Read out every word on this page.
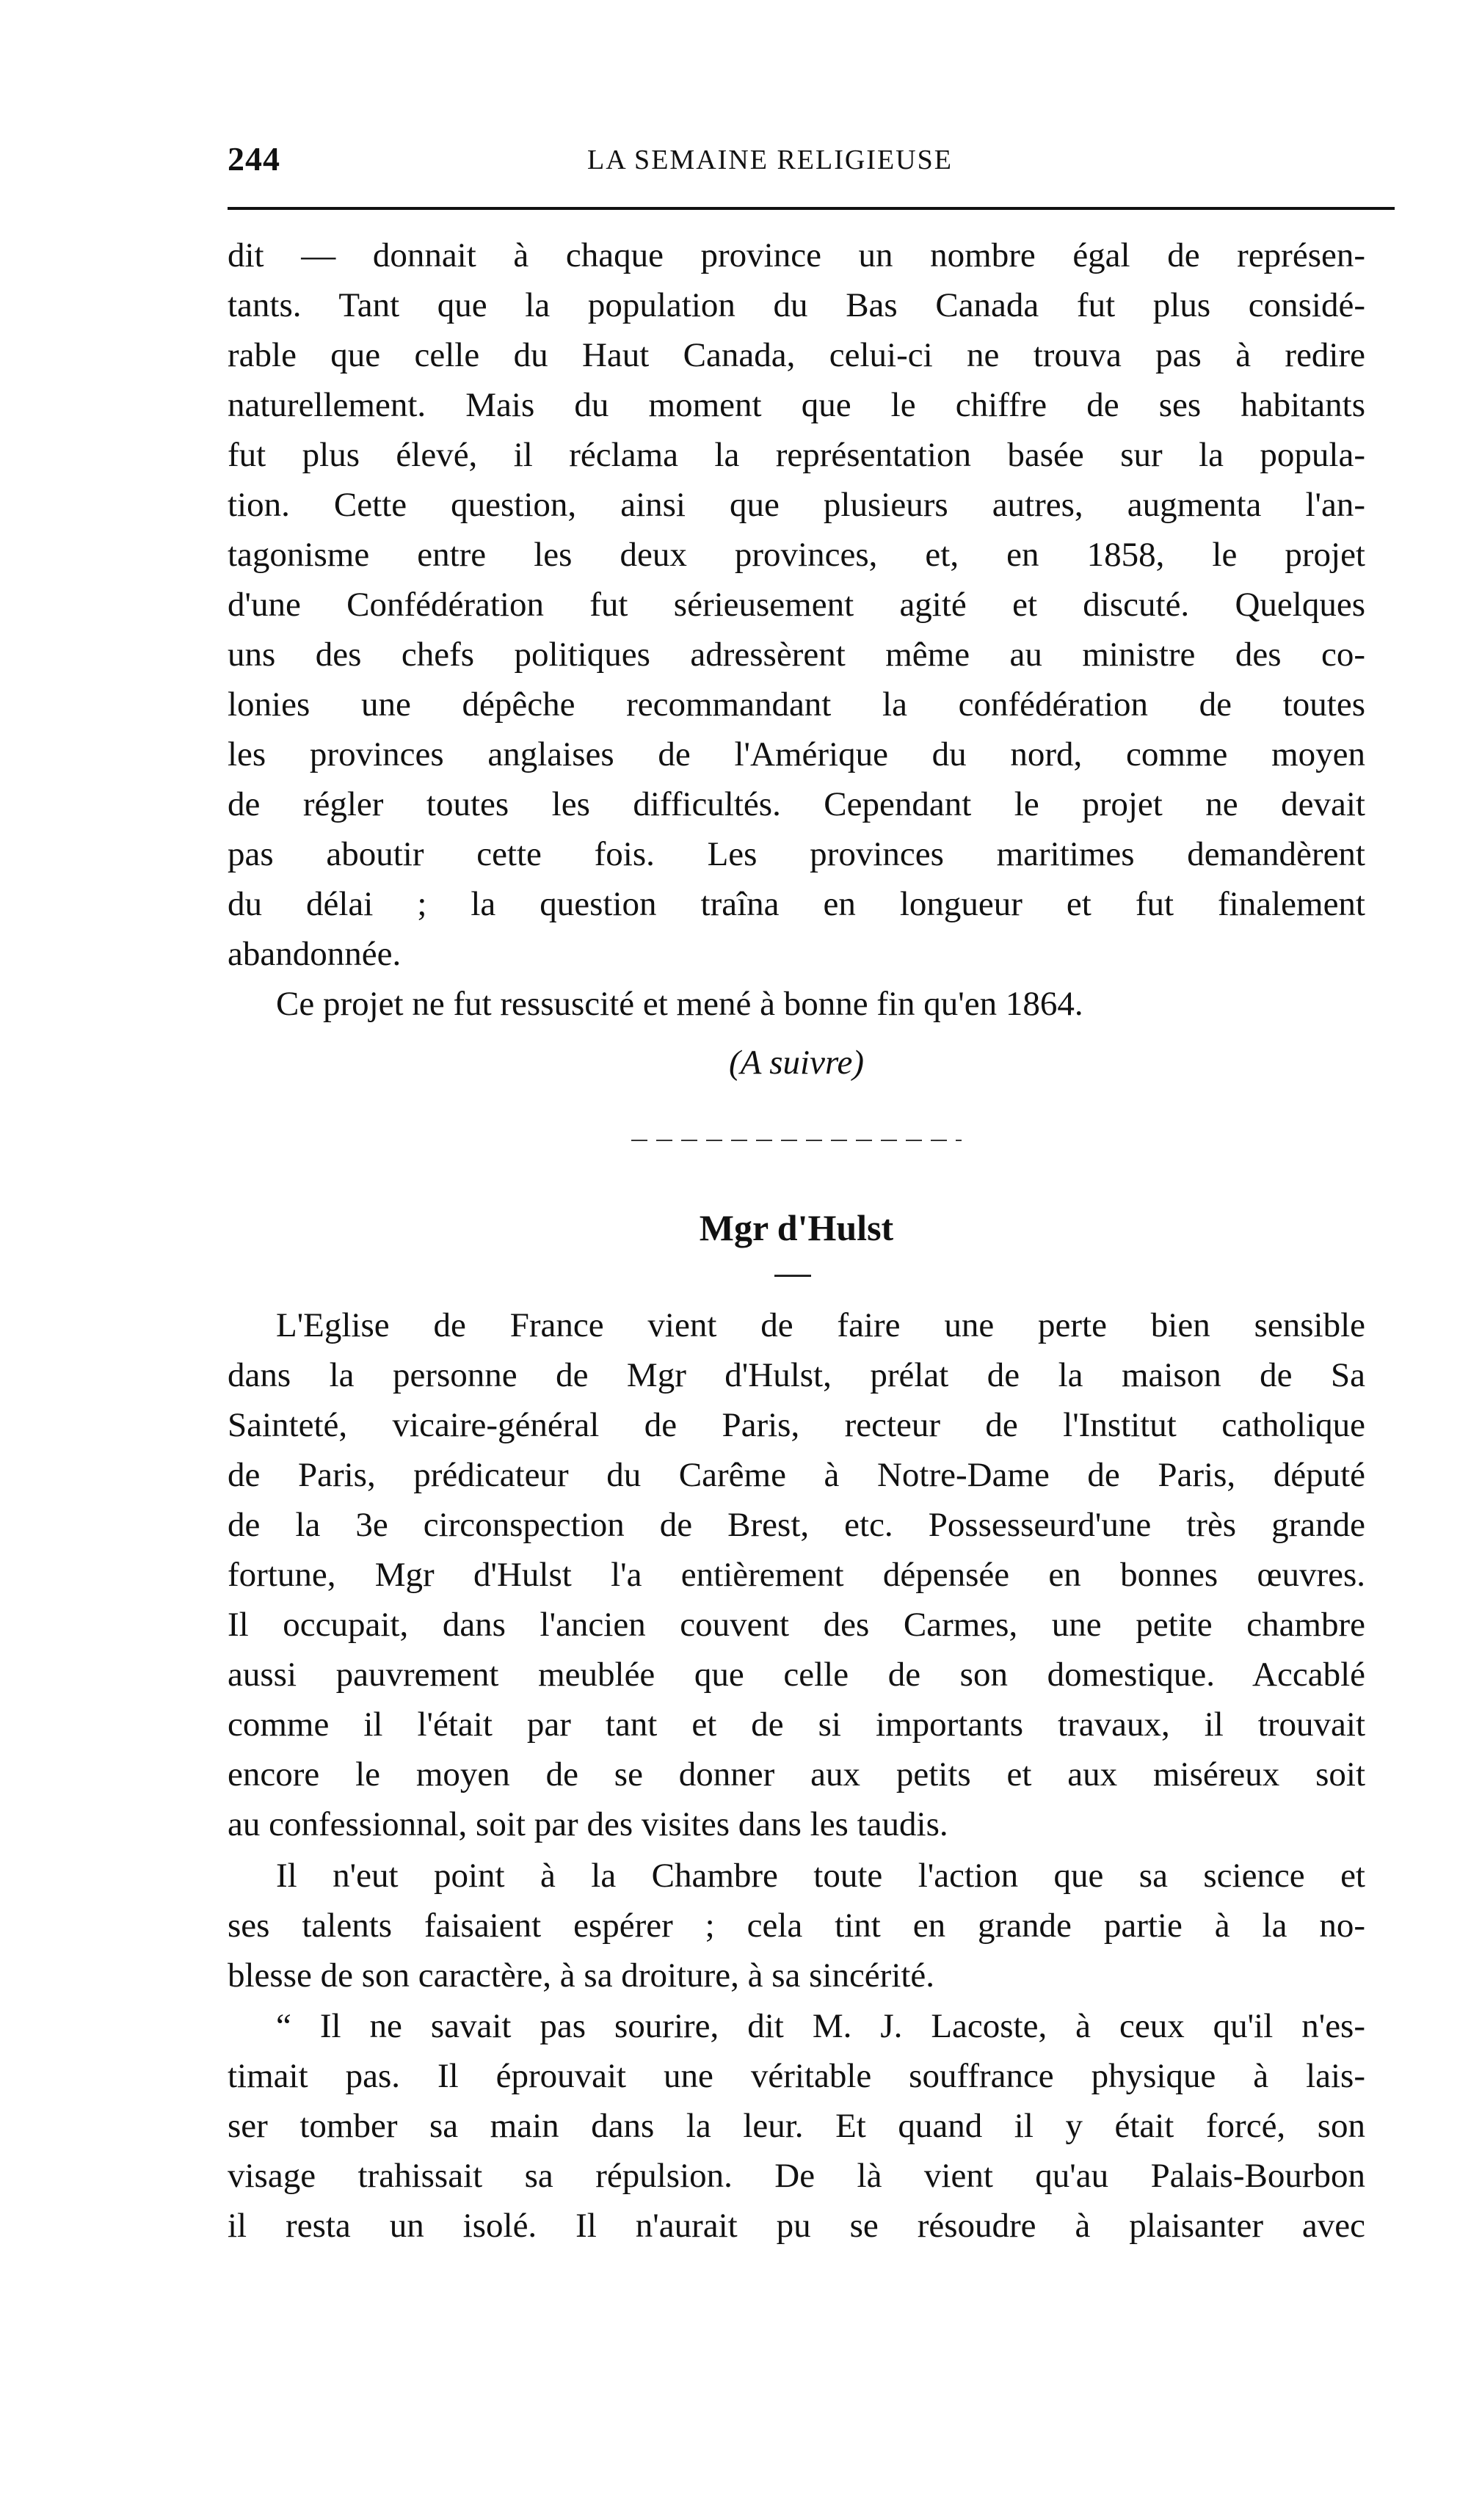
244	LA SEMAINE RELIGIEUSE
dit — donnait à chaque province un nombre égal de représen-
tants. Tant que la population du Bas Canada fut plus considé-
rable que celle du Haut Canada, celui-ci ne trouva pas à redire
naturellement. Mais du moment que le chiffre de ses habitants
fut plus élevé, il réclama la représentation basée sur la popula-
tion. Cette question, ainsi que plusieurs autres, augmenta l'an-
tagonisme entre les deux provinces, et, en 1858, le projet
d'une Confédération fut sérieusement agité et discuté. Quelques
uns des chefs politiques adressèrent même au ministre des co-
lonies une dépêche recommandant la confédération de toutes
les provinces anglaises de l'Amérique du nord, comme moyen
de régler toutes les difficultés. Cependant le projet ne devait
pas aboutir cette fois. Les provinces maritimes demandèrent
du délai ; la question traîna en longueur et fut finalement
abandonnée.
Ce projet ne fut ressuscité et mené à bonne fin qu'en 1864.
(A suivre)
Mgr d'Hulst
L'Eglise de France vient de faire une perte bien sensible
dans la personne de Mgr d'Hulst, prélat de la maison de Sa
Sainteté, vicaire-général de Paris, recteur de l'Institut catholique
de Paris, prédicateur du Carême à Notre-Dame de Paris, député
de la 3e circonspection de Brest, etc. Possesseurd'une très grande
fortune, Mgr d'Hulst l'a entièrement dépensée en bonnes œuvres.
Il occupait, dans l'ancien couvent des Carmes, une petite chambre
aussi pauvrement meublée que celle de son domestique. Accablé
comme il l'était par tant et de si importants travaux, il trouvait
encore le moyen de se donner aux petits et aux miséreux soit
au confessionnal, soit par des visites dans les taudis.
Il n'eut point à la Chambre toute l'action que sa science et
ses talents faisaient espérer ; cela tint en grande partie à la no-
blesse de son caractère, à sa droiture, à sa sincérité.
“ Il ne savait pas sourire, dit M. J. Lacoste, à ceux qu'il n'es-
timait pas. Il éprouvait une véritable souffrance physique à lais-
ser tomber sa main dans la leur. Et quand il y était forcé, son
visage trahissait sa répulsion. De là vient qu'au Palais-Bourbon
il resta un isolé. Il n'aurait pu se résoudre à plaisanter avec
